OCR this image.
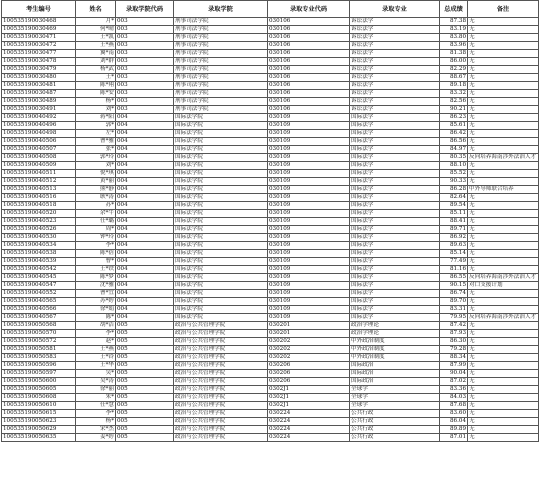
考生编号	姓名	录取学院代码	录取学院	录取专业代码	录取专业	总成绩	备注
100535190030468	月*	003	刑事司法学院	030106	诉讼法学	87.38	无
100535190030469	何*晴	003	刑事司法学院	030106	诉讼法学	83.19	无
100535190030471	王*凯	003	刑事司法学院	030106	诉讼法学	83.80	无
100535190030472	王*燕	003	刑事司法学院	030106	诉讼法学	83.96	无
100535190030477	翼*南	003	刑事司法学院	030106	诉讼法学	81.38	无
100535190030478	刘*群	003	刑事司法学院	030106	诉讼法学	86.00	无
100535190030479	杨*武	003	刑事司法学院	030106	诉讼法学	82.29	无
100535190030480	王*	003	刑事司法学院	030106	诉讼法学	88.67	无
100535190030481	陈*翔	003	刑事司法学院	030106	诉讼法学	89.18	无
100535190030487	陈*安	003	刑事司法学院	030106	诉讼法学	83.32	无
100535190030489	杨*	003	刑事司法学院	030106	诉讼法学	82.56	无
100535190030491	刘*	003	刑事司法学院	030106	诉讼法学	90.21	无
100535190040492	蒋*阳	004	国际法学院	030109	国际法学	86.23	无
100535190040496	郭*	004	国际法学院	030109	国际法学	85.61	无
100535190040498	左*	004	国际法学院	030109	国际法学	86.42	无
100535190040506	曹*雅	004	国际法学院	030109	国际法学	86.56	无
100535190040507	张*	004	国际法学院	030109	国际法学	84.97	无
100535190040508	郭*玲	004	国际法学院	030109	国际法学	80.35	反向培养海南涉外法治人才
100535190040509	刘*	004	国际法学院	030109	国际法学	88.10	无
100535190040511	倪*琪	004	国际法学院	030109	国际法学	85.52	无
100535190040512	黄*丽	004	国际法学院	030109	国际法学	90.33	无
100535190040513	熊*静	004	国际法学院	030109	国际法学	86.28	中外导师联合培养
100535190040516	耿*涛	004	国际法学院	030109	国际法学	82.64	无
100535190040518	苏*	004	国际法学院	030109	国际法学	89.54	无
100535190040520	余*牛	004	国际法学院	030109	国际法学	85.11	无
100535190040523	任*璐	004	国际法学院	030109	国际法学	88.41	无
100535190040526	周*	004	国际法学院	030109	国际法学	89.71	无
100535190040530	钟*玲	004	国际法学院	030109	国际法学	86.92	无
100535190040534	李*	004	国际法学院	030109	国际法学	89.63	无
100535190040538	陈*蓓	004	国际法学院	030109	国际法学	85.14	无
100535190040539	曹*	004	国际法学院	030109	国际法学	77.49	无
100535190040542	王*铁	004	国际法学院	030109	国际法学	81.16	无
100535190040545	陈*梦	004	国际法学院	030109	国际法学	86.55	反向培养海南涉外法治人才
100535190040547	沈*雅	004	国际法学院	030109	国际法学	90.15	对口支援计划
100535190040552	曹*宜	004	国际法学院	030109	国际法学	86.74	无
100535190040565	苏*婷	004	国际法学院	030109	国际法学	89.70	无
100535190040566	徐*娟	004	国际法学院	030109	国际法学	83.31	无
100535190040567	陈*	004	国际法学院	030109	国际法学	79.95	反向培养海南涉外法治人才
100535190050568	胡*洁	005	政治与公共管理学院	030201	政治学理论	87.42	无
100535190050570	李*	005	政治与公共管理学院	030201	政治学理论	87.93	无
100535190050572	赵*	005	政治与公共管理学院	030202	中外政治制度	86.30	无
100535190050581	王*燕	005	政治与公共管理学院	030202	中外政治制度	79.28	无
100535190050583	王*铃	005	政治与公共管理学院	030202	中外政治制度	88.34	无
100535190050596	王*华	005	政治与公共管理学院	030206	国际政治	87.99	无
100535190050597	吴*	005	政治与公共管理学院	030206	国际政治	90.04	无
100535190050600	吴*涛	005	政治与公共管理学院	030206	国际政治	87.02	无
100535190050605	徐*丽	005	政治与公共管理学院	0302J1	全球学	83.36	无
100535190050608	朱*	005	政治与公共管理学院	0302J1	全球学	84.03	无
100535190050610	任*慧	005	政治与公共管理学院	0302J1	全球学	87.68	无
100535190050615	李*	005	政治与公共管理学院	030224	公共行政	83.60	无
100535190050623	杨*	005	政治与公共管理学院	030224	公共行政	86.04	无
100535190050629	宋*杰	005	政治与公共管理学院	030224	公共行政	89.89	无
100535190050635	姜*婷	005	政治与公共管理学院	030224	公共行政	87.01	无
